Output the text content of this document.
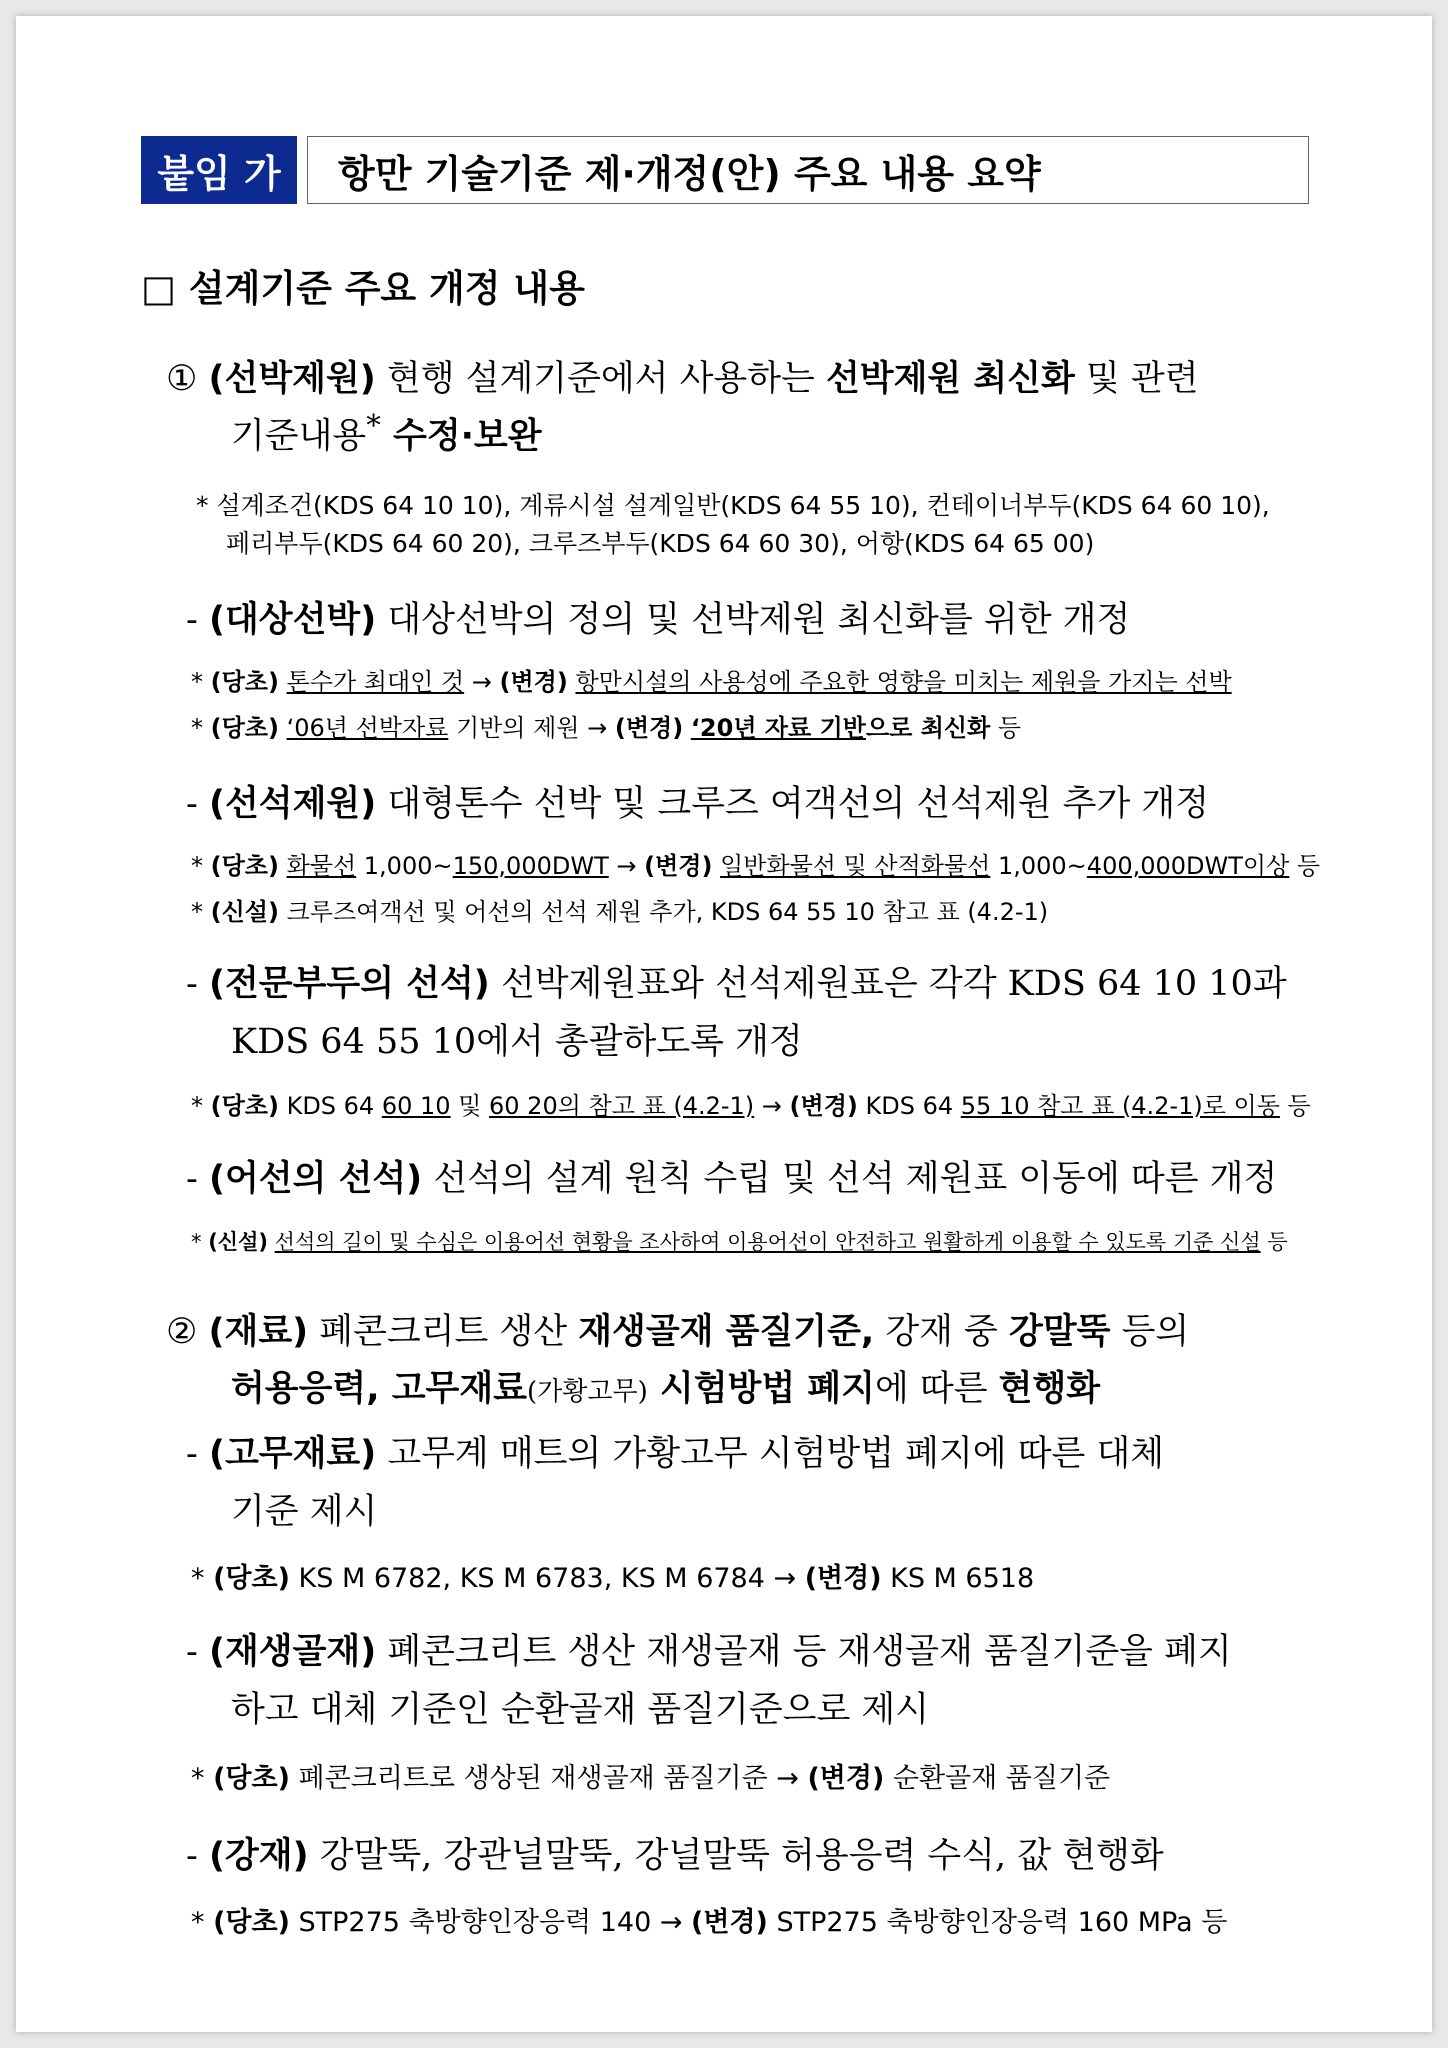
붙임 가	항만 기술기준 제·개정(안) 주요 내용 요약
□ 설계기준 주요 개정 내용
① (선박제원) 현행 설계기준에서 사용하는 선박제원 최신화 및 관련
기준내용* 수정·보완
* 설계조건(KDS 64 10 10), 계류시설 설계일반(KDS 64 55 10), 컨테이너부두(KDS 64 60 10),
페리부두(KDS 64 60 20), 크루즈부두(KDS 64 60 30), 어항(KDS 64 65 00)
- (대상선박) 대상선박의 정의 및 선박제원 최신화를 위한 개정
* (당초) 톤수가 최대인 것 → (변경) 항만시설의 사용성에 주요한 영향을 미치는 제원을 가지는 선박
* (당초) ‘06년 선박자료 기반의 제원 → (변경) ‘20년 자료 기반으로 최신화 등
- (선석제원) 대형톤수 선박 및 크루즈 여객선의 선석제원 추가 개정
* (당초) 화물선 1,000~150,000DWT → (변경) 일반화물선 및 산적화물선 1,000~400,000DWT이상 등
* (신설) 크루즈여객선 및 어선의 선석 제원 추가, KDS 64 55 10 참고 표 (4.2-1)
- (전문부두의 선석) 선박제원표와 선석제원표은 각각 KDS 64 10 10과
KDS 64 55 10에서 총괄하도록 개정
* (당초) KDS 64 60 10 및 60 20의 참고 표 (4.2-1) → (변경) KDS 64 55 10 참고 표 (4.2-1)로 이동 등
- (어선의 선석) 선석의 설계 원칙 수립 및 선석 제원표 이동에 따른 개정
* (신설) 선석의 길이 및 수심은 이용어선 현황을 조사하여 이용어선이 안전하고 원활하게 이용할 수 있도록 기준 신설 등
② (재료) 폐콘크리트 생산 재생골재 품질기준, 강재 중 강말뚝 등의
허용응력, 고무재료(가황고무) 시험방법 폐지에 따른 현행화
- (고무재료) 고무계 매트의 가황고무 시험방법 폐지에 따른 대체
기준 제시
* (당초) KS M 6782, KS M 6783, KS M 6784 → (변경) KS M 6518
- (재생골재) 폐콘크리트 생산 재생골재 등 재생골재 품질기준을 폐지
하고 대체 기준인 순환골재 품질기준으로 제시
* (당초) 폐콘크리트로 생상된 재생골재 품질기준 → (변경) 순환골재 품질기준
- (강재) 강말뚝, 강관널말뚝, 강널말뚝 허용응력 수식, 값 현행화
* (당초) STP275 축방향인장응력 140 → (변경) STP275 축방향인장응력 160 MPa 등
